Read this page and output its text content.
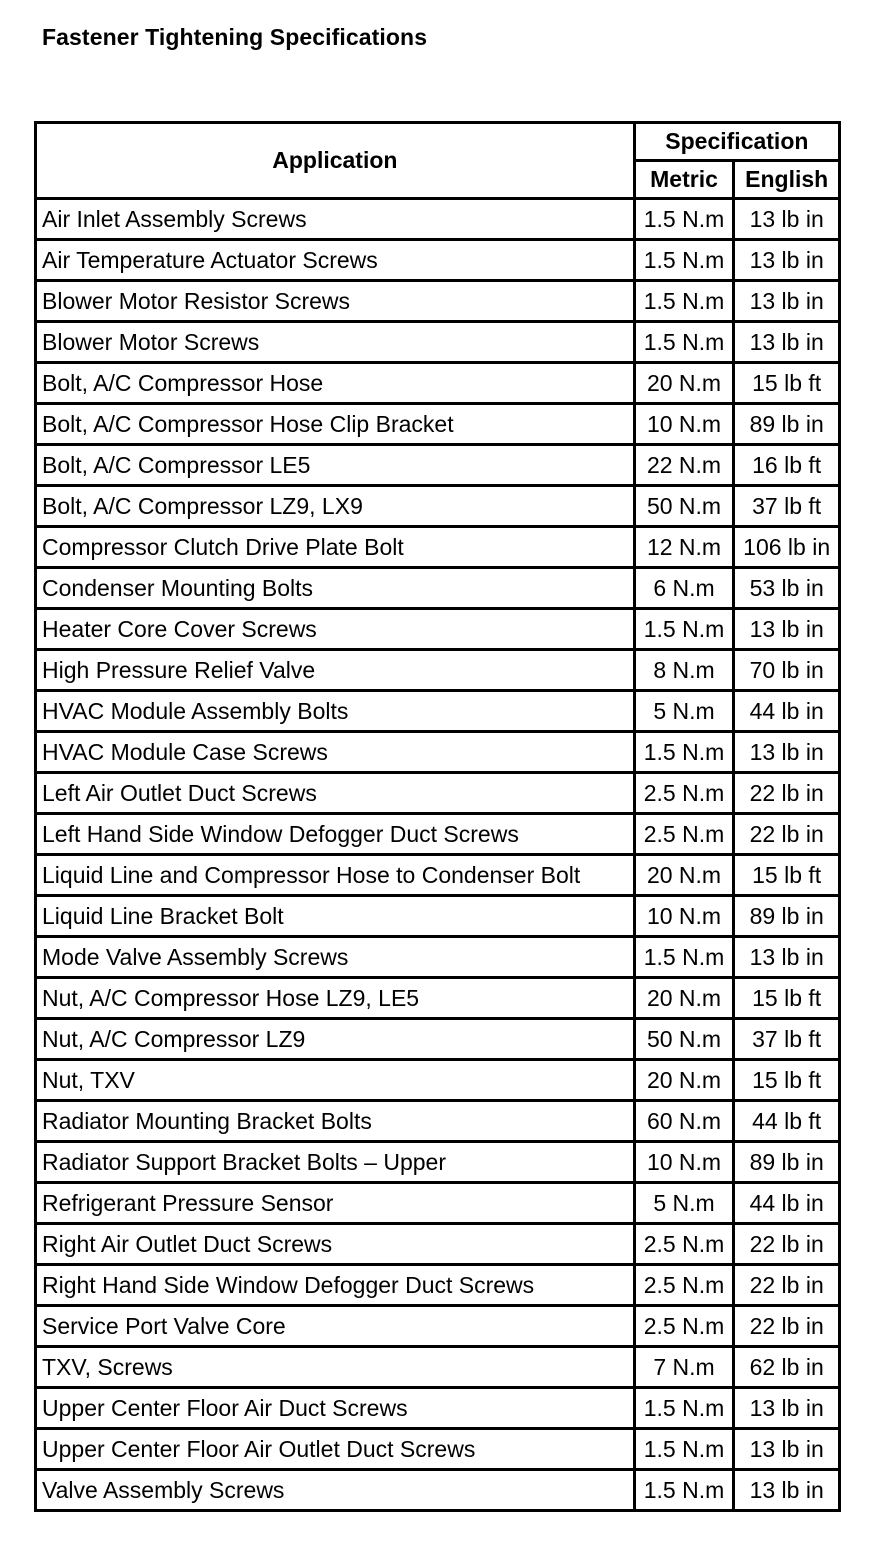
Fastener Tightening Specifications
Application	Specification	
	Metric	English
Air Inlet Assembly Screws	1.5 N.m	13 lb in
Air Temperature Actuator Screws	1.5 N.m	13 lb in
Blower Motor Resistor Screws	1.5 N.m	13 lb in
Blower Motor Screws	1.5 N.m	13 lb in
Bolt, A/C Compressor Hose	20 N.m	15 lb ft
Bolt, A/C Compressor Hose Clip Bracket	10 N.m	89 lb in
Bolt, A/C Compressor LE5	22 N.m	16 lb ft
Bolt, A/C Compressor LZ9, LX9	50 N.m	37 lb ft
Compressor Clutch Drive Plate Bolt	12 N.m	106 lb in
Condenser Mounting Bolts	6 N.m	53 lb in
Heater Core Cover Screws	1.5 N.m	13 lb in
High Pressure Relief Valve	8 N.m	70 lb in
HVAC Module Assembly Bolts	5 N.m	44 lb in
HVAC Module Case Screws	1.5 N.m	13 lb in
Left Air Outlet Duct Screws	2.5 N.m	22 lb in
Left Hand Side Window Defogger Duct Screws	2.5 N.m	22 lb in
Liquid Line and Compressor Hose to Condenser Bolt	20 N.m	15 lb ft
Liquid Line Bracket Bolt	10 N.m	89 lb in
Mode Valve Assembly Screws	1.5 N.m	13 lb in
Nut, A/C Compressor Hose LZ9, LE5	20 N.m	15 lb ft
Nut, A/C Compressor LZ9	50 N.m	37 lb ft
Nut, TXV	20 N.m	15 lb ft
Radiator Mounting Bracket Bolts	60 N.m	44 lb ft
Radiator Support Bracket Bolts – Upper	10 N.m	89 lb in
Refrigerant Pressure Sensor	5 N.m	44 lb in
Right Air Outlet Duct Screws	2.5 N.m	22 lb in
Right Hand Side Window Defogger Duct Screws	2.5 N.m	22 lb in
Service Port Valve Core	2.5 N.m	22 lb in
TXV, Screws	7 N.m	62 lb in
Upper Center Floor Air Duct Screws	1.5 N.m	13 lb in
Upper Center Floor Air Outlet Duct Screws	1.5 N.m	13 lb in
Valve Assembly Screws	1.5 N.m	13 lb in
